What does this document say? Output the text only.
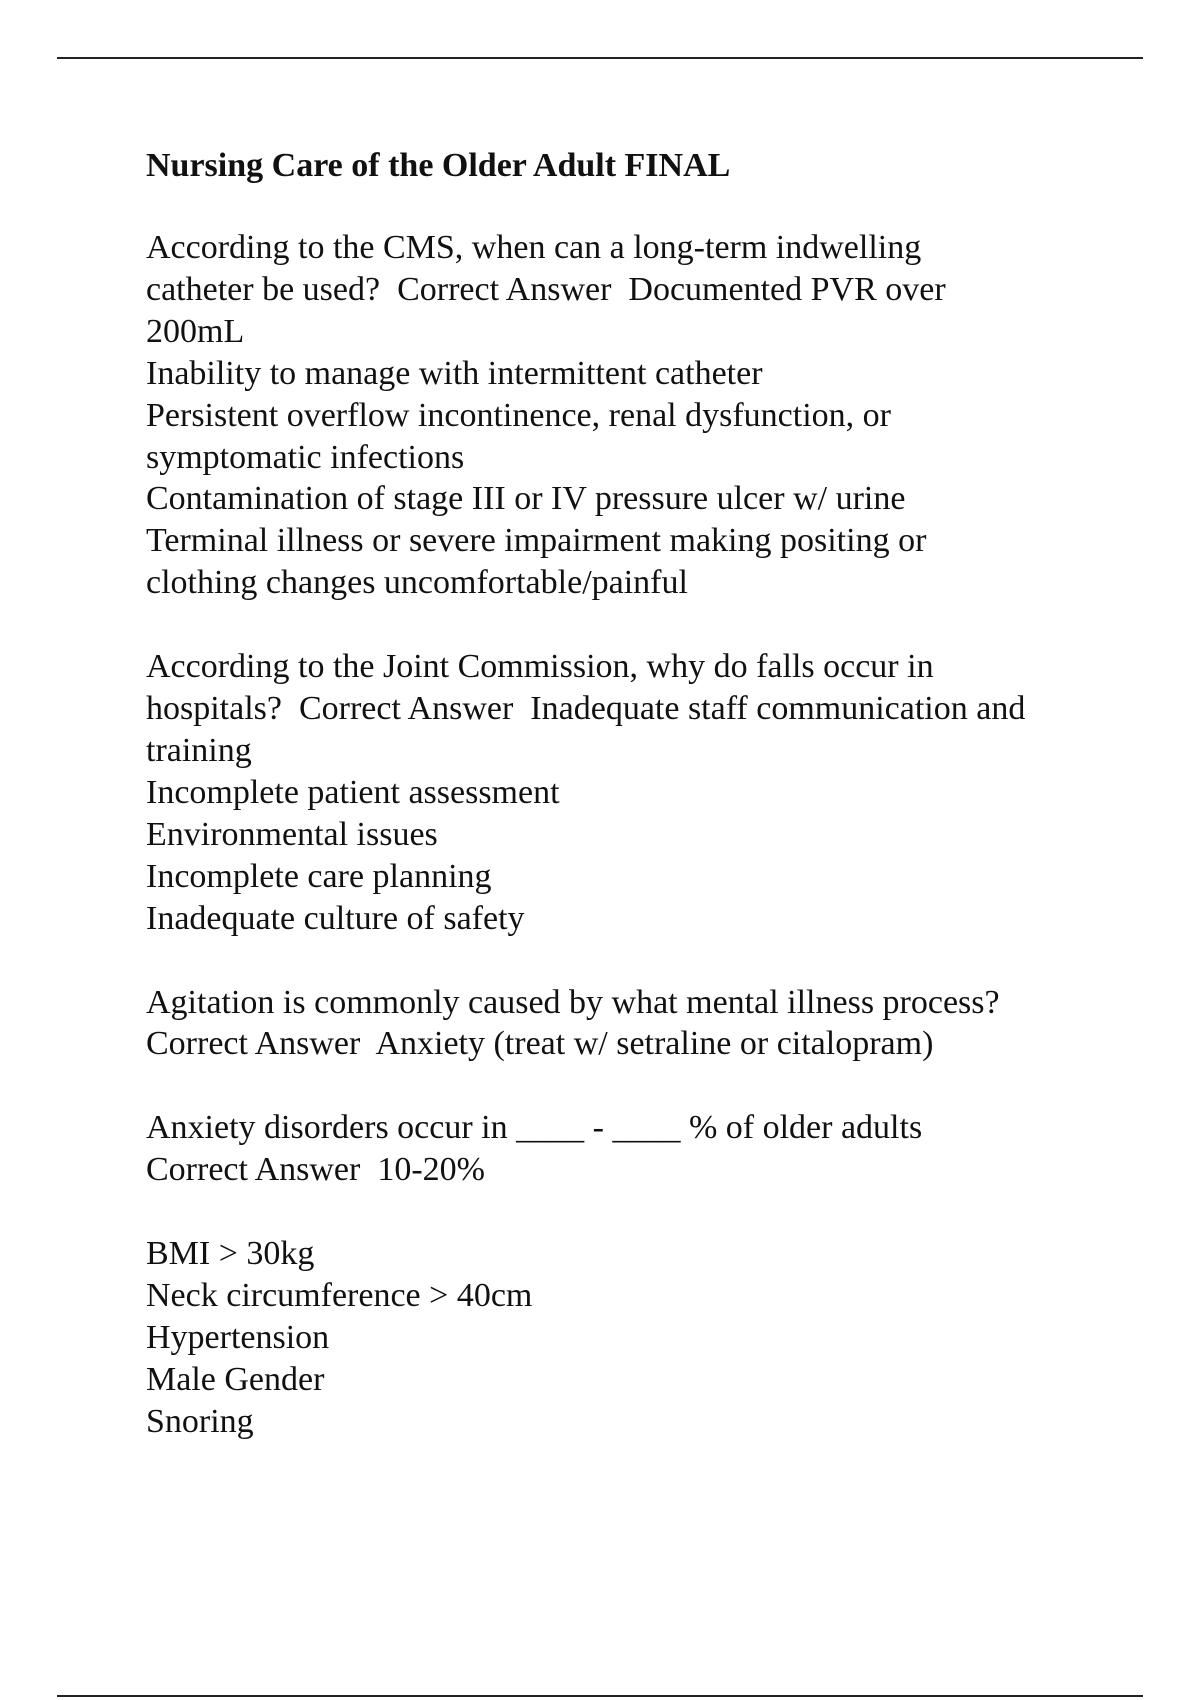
Nursing Care of the Older Adult FINAL
According to the CMS, when can a long-term indwelling
catheter be used?  Correct Answer  Documented PVR over
200mL
Inability to manage with intermittent catheter
Persistent overflow incontinence, renal dysfunction, or
symptomatic infections
Contamination of stage III or IV pressure ulcer w/ urine
Terminal illness or severe impairment making positing or
clothing changes uncomfortable/painful
According to the Joint Commission, why do falls occur in
hospitals?  Correct Answer  Inadequate staff communication and
training
Incomplete patient assessment
Environmental issues
Incomplete care planning
Inadequate culture of safety
Agitation is commonly caused by what mental illness process?
Correct Answer  Anxiety (treat w/ setraline or citalopram)
Anxiety disorders occur in ____ - ____ % of older adults
Correct Answer  10-20%
BMI > 30kg
Neck circumference > 40cm
Hypertension
Male Gender
Snoring
